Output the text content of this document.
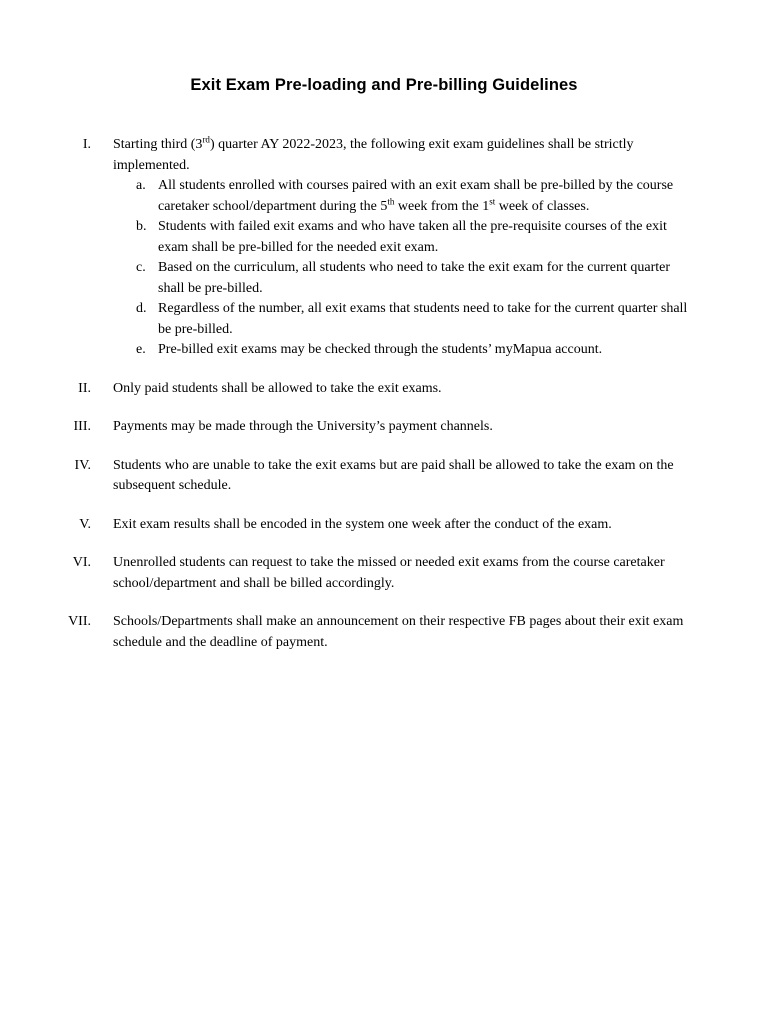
Exit Exam Pre-loading and Pre-billing Guidelines
I. Starting third (3rd) quarter AY 2022-2023, the following exit exam guidelines shall be strictly implemented.
a. All students enrolled with courses paired with an exit exam shall be pre-billed by the course caretaker school/department during the 5th week from the 1st week of classes.
b. Students with failed exit exams and who have taken all the pre-requisite courses of the exit exam shall be pre-billed for the needed exit exam.
c. Based on the curriculum, all students who need to take the exit exam for the current quarter shall be pre-billed.
d. Regardless of the number, all exit exams that students need to take for the current quarter shall be pre-billed.
e. Pre-billed exit exams may be checked through the students’ myMapua account.
II. Only paid students shall be allowed to take the exit exams.
III. Payments may be made through the University’s payment channels.
IV. Students who are unable to take the exit exams but are paid shall be allowed to take the exam on the subsequent schedule.
V. Exit exam results shall be encoded in the system one week after the conduct of the exam.
VI. Unenrolled students can request to take the missed or needed exit exams from the course caretaker school/department and shall be billed accordingly.
VII. Schools/Departments shall make an announcement on their respective FB pages about their exit exam schedule and the deadline of payment.
